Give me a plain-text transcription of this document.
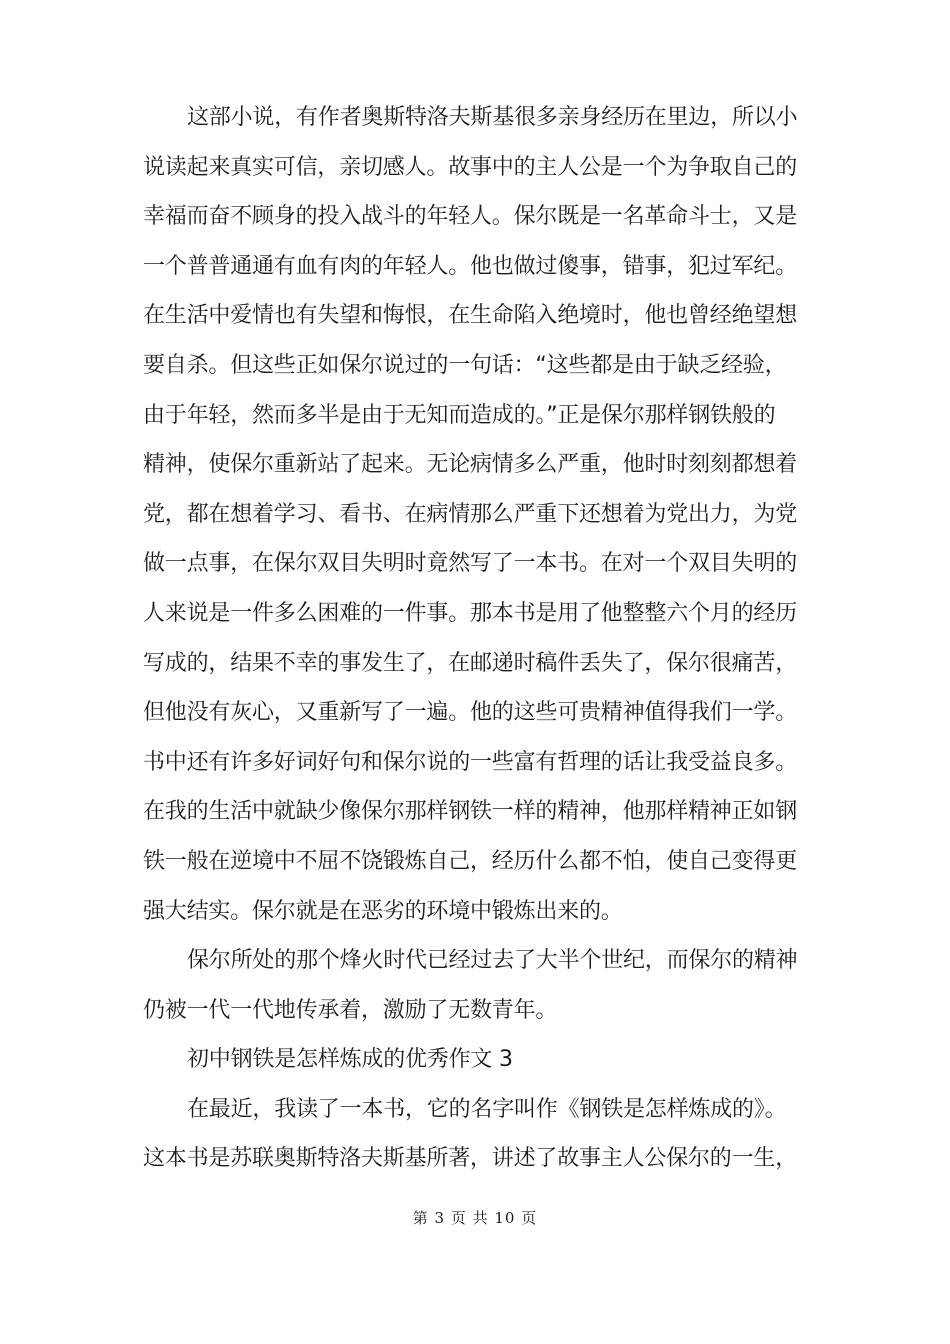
这部小说，有作者奥斯特洛夫斯基很多亲身经历在里边，所以小
说读起来真实可信，亲切感人。故事中的主人公是一个为争取自己的
幸福而奋不顾身的投入战斗的年轻人。保尔既是一名革命斗士，又是
一个普普通通有血有肉的年轻人。他也做过傻事，错事，犯过军纪。
在生活中爱情也有失望和悔恨，在生命陷入绝境时，他也曾经绝望想
要自杀。但这些正如保尔说过的一句话：“这些都是由于缺乏经验，
由于年轻，然而多半是由于无知而造成的。”正是保尔那样钢铁般的
精神，使保尔重新站了起来。无论病情多么严重，他时时刻刻都想着
党，都在想着学习、看书、在病情那么严重下还想着为党出力，为党
做一点事，在保尔双目失明时竟然写了一本书。在对一个双目失明的
人来说是一件多么困难的一件事。那本书是用了他整整六个月的经历
写成的，结果不幸的事发生了，在邮递时稿件丢失了，保尔很痛苦，
但他没有灰心，又重新写了一遍。他的这些可贵精神值得我们一学。
书中还有许多好词好句和保尔说的一些富有哲理的话让我受益良多。
在我的生活中就缺少像保尔那样钢铁一样的精神，他那样精神正如钢
铁一般在逆境中不屈不饶锻炼自己，经历什么都不怕，使自己变得更
强大结实。保尔就是在恶劣的环境中锻炼出来的。
保尔所处的那个烽火时代已经过去了大半个世纪，而保尔的精神
仍被一代一代地传承着，激励了无数青年。
初中钢铁是怎样炼成的优秀作文 3
在最近，我读了一本书，它的名字叫作《钢铁是怎样炼成的》。
这本书是苏联奥斯特洛夫斯基所著，讲述了故事主人公保尔的一生，
第 3 页 共 10 页
